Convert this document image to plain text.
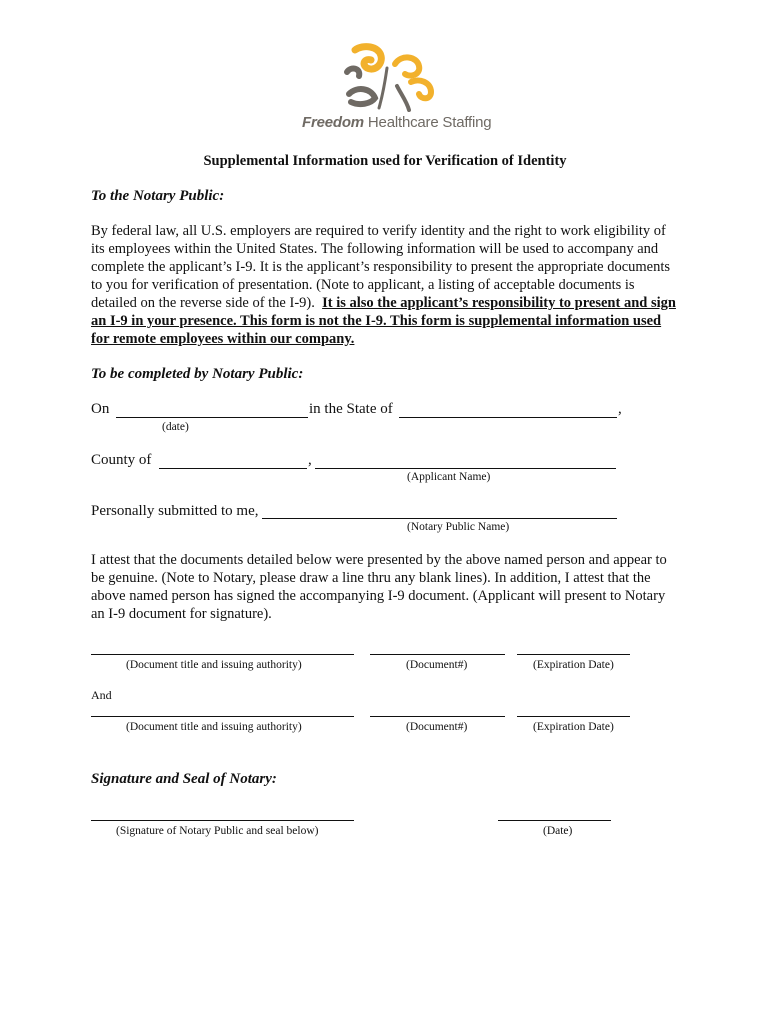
Freedom Healthcare Staffing
Supplemental Information used for Verification of Identity
To the Notary Public:
By federal law, all U.S. employers are required to verify identity and the right to work eligibility of its employees within the United States. The following information will be used to accompany and complete the applicant’s I-9. It is the applicant’s responsibility to present the appropriate documents to you for verification of presentation. (Note to applicant, a listing of acceptable documents is detailed on the reverse side of the I-9). It is also the applicant’s responsibility to present and sign an I-9 in your presence. This form is not the I-9. This form is supplemental information used for remote employees within our company.
To be completed by Notary Public:
On	in the State of	,
(date)
County of	,
(Applicant Name)
Personally submitted to me,
(Notary Public Name)
I attest that the documents detailed below were presented by the above named person and appear to be genuine. (Note to Notary, please draw a line thru any blank lines). In addition, I attest that the above named person has signed the accompanying I-9 document. (Applicant will present to Notary an I-9 document for signature).
(Document title and issuing authority)	(Document#)	(Expiration Date)
And
(Document title and issuing authority)	(Document#)	(Expiration Date)
Signature and Seal of Notary:
(Signature of Notary Public and seal below)	(Date)
